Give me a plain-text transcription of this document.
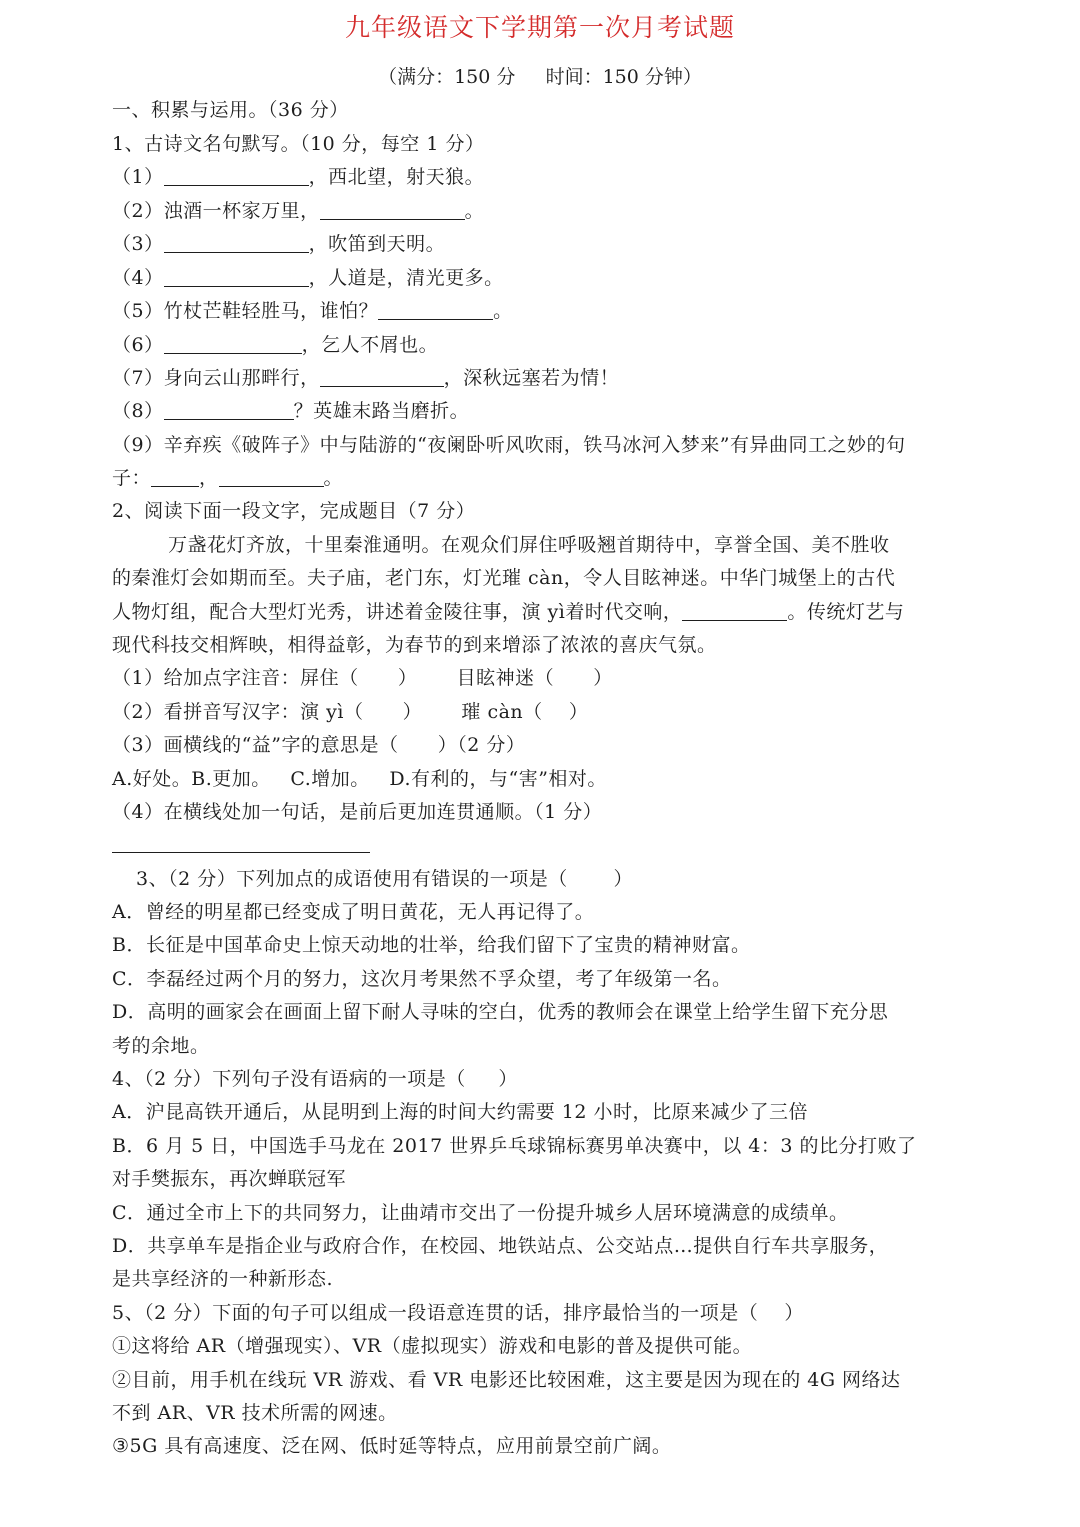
九年级语文下学期第一次月考试题
（满分：150 分     时间：150 分钟）
一、积累与运用。（36 分）
1、古诗文名句默写。（10 分，每空 1 分）
（1）	，西北望，射天狼。
（2）浊酒一杯家万里，	。
（3）	，吹笛到天明。
（4）	，人道是，清光更多。
（5）竹杖芒鞋轻胜马，谁怕？	。
（6）	，乞人不屑也。
（7）身向云山那畔行，	，深秋远塞若为情！
（8）	？英雄末路当磨折。
（9）辛弃疾《破阵子》中与陆游的“夜阑卧听风吹雨，铁马冰河入梦来”有异曲同工之妙的句
子：	，	。
2、阅读下面一段文字，完成题目（7 分）
万盏花灯齐放，十里秦淮通明。在观众们屏住呼吸翘首期待中，享誉全国、美不胜收
的秦淮灯会如期而至。夫子庙，老门东，灯光璀 càn，令人目眩神迷。中华门城堡上的古代
人物灯组，配合大型灯光秀，讲述着金陵往事，演 yì着时代交响，	。传统灯艺与
现代科技交相辉映，相得益彰，为春节的到来增添了浓浓的喜庆气氛。
（1）给加点字注音：屏住（      ）      目眩神迷（      ）
（2）看拼音写汉字：演 yì（      ）      璀 càn（    ）
（3）画横线的“益”字的意思是（      ）（2 分）
A.好处。B.更加。   C.增加。   D.有利的，与“害”相对。
（4）在横线处加一句话，是前后更加连贯通顺。（1 分）
3、（2 分）下列加点的成语使用有错误的一项是（       ）
A．曾经的明星都已经变成了明日黄花，无人再记得了。
B．长征是中国革命史上惊天动地的壮举，给我们留下了宝贵的精神财富。
C．李磊经过两个月的努力，这次月考果然不孚众望，考了年级第一名。
D．高明的画家会在画面上留下耐人寻味的空白，优秀的教师会在课堂上给学生留下充分思
考的余地。
4、（2 分）下列句子没有语病的一项是（     ）
A．沪昆高铁开通后，从昆明到上海的时间大约需要 12 小时，比原来减少了三倍
B．6 月 5 日，中国选手马龙在 2017 世界乒乓球锦标赛男单决赛中，以 4：3 的比分打败了
对手樊振东，再次蝉联冠军
C．通过全市上下的共同努力，让曲靖市交出了一份提升城乡人居环境满意的成绩单。
D．共享单车是指企业与政府合作，在校园、地铁站点、公交站点…提供自行车共享服务，
是共享经济的一种新形态.
5、（2 分）下面的句子可以组成一段语意连贯的话，排序最恰当的一项是（    ）
①这将给 AR（增强现实）、VR（虚拟现实）游戏和电影的普及提供可能。
②目前，用手机在线玩 VR 游戏、看 VR 电影还比较困难，这主要是因为现在的 4G 网络达
不到 AR、VR 技术所需的网速。
③5G 具有高速度、泛在网、低时延等特点，应用前景空前广阔。
